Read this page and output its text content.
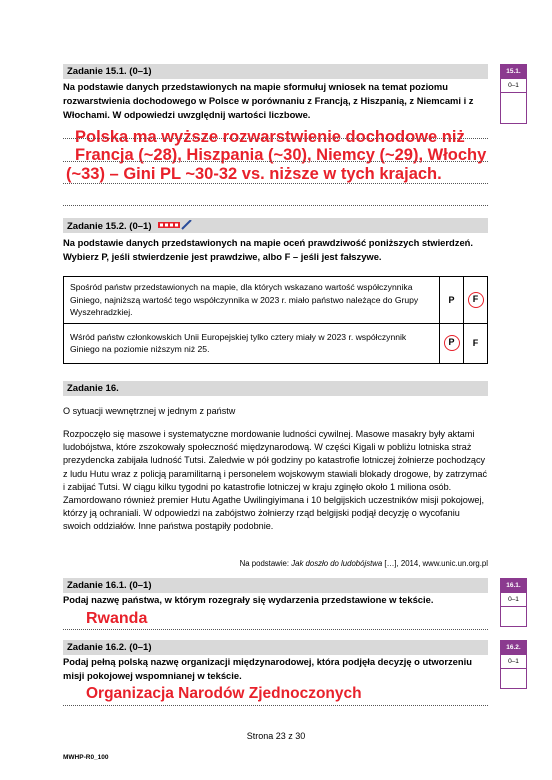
Zadanie 15.1. (0–1)
Na podstawie danych przedstawionych na mapie sformułuj wniosek na temat poziomu rozwarstwienia dochodowego w Polsce w porównaniu z Francją, z Hiszpanią, z Niemcami i z Włochami. W odpowiedzi uwzględnij wartości liczbowe.
15.1.
0–1
Polska ma wyższe rozwarstwienie dochodowe niż
Francja (~28), Hiszpania (~30), Niemcy (~29), Włochy
(~33) – Gini PL ~30-32 vs. niższe w tych krajach.
Zadanie 15.2. (0–1)
Na podstawie danych przedstawionych na mapie oceń prawdziwość poniższych stwierdzeń. Wybierz P, jeśli stwierdzenie jest prawdziwe, albo F – jeśli jest fałszywe.
Spośród państw przedstawionych na mapie, dla których wskazano wartość współczynnika Giniego, najniższą wartość tego współczynnika w 2023 r. miało państwo należące do Grupy Wyszehradzkiej.	P	F
Wśród państw członkowskich Unii Europejskiej tylko cztery miały w 2023 r. współczynnik Giniego na poziomie niższym niż 25.	P	F
Zadanie 16.
O sytuacji wewnętrznej w jednym z państw
Rozpoczęło się masowe i systematyczne mordowanie ludności cywilnej. Masowe masakry były aktami ludobójstwa, które zszokowały społeczność międzynarodową. W części Kigali w pobliżu lotniska straż prezydencka zabijała ludność Tutsi. Zaledwie w pół godziny po katastrofie lotniczej żołnierze pochodzący z ludu Hutu wraz z policją paramilitarną i personelem wojskowym stawiali blokady drogowe, by zatrzymać i zabijać Tutsi. W ciągu kilku tygodni po katastrofie lotniczej w kraju zginęło około 1 miliona osób. Zamordowano również premier Hutu Agathe Uwilingiyimana i 10 belgijskich uczestników misji pokojowej, którzy ją ochraniali. W odpowiedzi na zabójstwo żołnierzy rząd belgijski podjął decyzję o wycofaniu swoich oddziałów. Inne państwa postąpiły podobnie.
Na podstawie: Jak doszło do ludobójstwa […], 2014, www.unic.un.org.pl
Zadanie 16.1. (0–1)
Podaj nazwę państwa, w którym rozegrały się wydarzenia przedstawione w tekście.
16.1.
0–1
Rwanda
Zadanie 16.2. (0–1)
Podaj pełną polską nazwę organizacji międzynarodowej, która podjęła decyzję o utworzeniu misji pokojowej wspomnianej w tekście.
16.2.
0–1
Organizacja Narodów Zjednoczonych
Strona 23 z 30
MWHP-R0_100
